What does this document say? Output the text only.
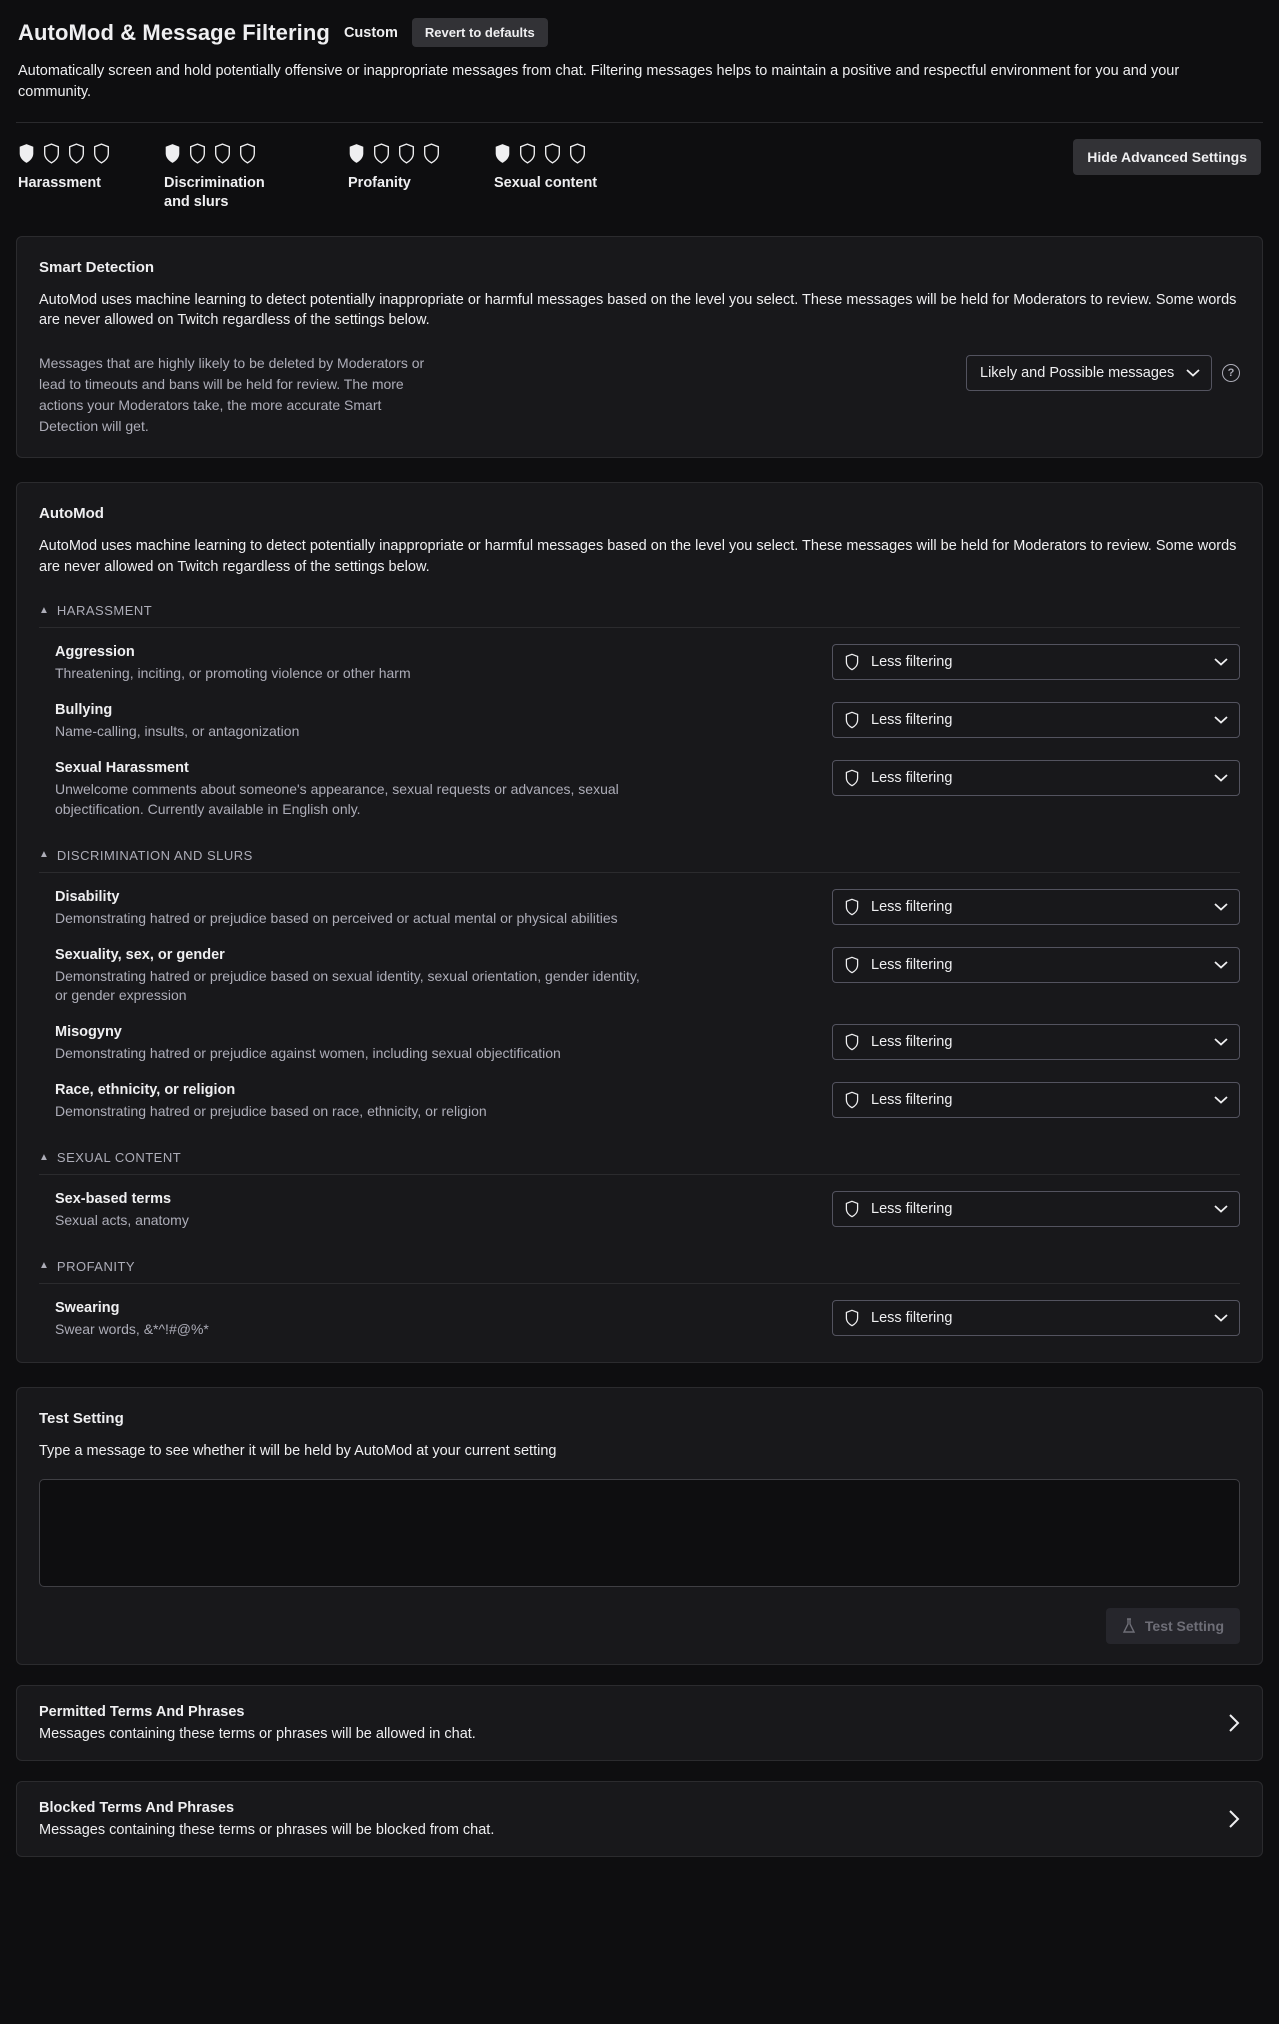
AutoMod & Message Filtering Custom	Revert to defaults
Automatically screen and hold potentially offensive or inappropriate messages from chat. Filtering messages helps to maintain a positive and respectful environment for you and your community.
Harassment	Discrimination and slurs
Profanity	Sexual content
Hide Advanced Settings
Smart Detection
AutoMod uses machine learning to detect potentially inappropriate or harmful messages based on the level you select. These messages will be held for Moderators to review. Some words are never allowed on Twitch regardless of the settings below.
Messages that are highly likely to be deleted by Moderators or lead to timeouts and bans will be held for review. The more actions your Moderators take, the more accurate Smart Detection will get.
Likely and Possible messages
?
AutoMod
AutoMod uses machine learning to detect potentially inappropriate or harmful messages based on the level you select. These messages will be held for Moderators to review. Some words are never allowed on Twitch regardless of the settings below.
▲ HARASSMENT
Aggression
Threatening, inciting, or promoting violence or other harm
Less filtering
Bullying
Name-calling, insults, or antagonization
Less filtering
Sexual Harassment
Unwelcome comments about someone's appearance, sexual requests or advances, sexual objectification. Currently available in English only.
Less filtering
▲ DISCRIMINATION AND SLURS
Disability
Demonstrating hatred or prejudice based on perceived or actual mental or physical abilities
Less filtering
Sexuality, sex, or gender
Demonstrating hatred or prejudice based on sexual identity, sexual orientation, gender identity, or gender expression
Less filtering
Misogyny
Demonstrating hatred or prejudice against women, including sexual objectification
Less filtering
Race, ethnicity, or religion
Demonstrating hatred or prejudice based on race, ethnicity, or religion
Less filtering
▲ SEXUAL CONTENT
Sex-based terms
Sexual acts, anatomy
Less filtering
▲ PROFANITY
Swearing
Swear words, &*^!#@%*
Less filtering
Test Setting
Type a message to see whether it will be held by AutoMod at your current setting
Test Setting
Permitted Terms And Phrases
Messages containing these terms or phrases will be allowed in chat.
Blocked Terms And Phrases
Messages containing these terms or phrases will be blocked from chat.
